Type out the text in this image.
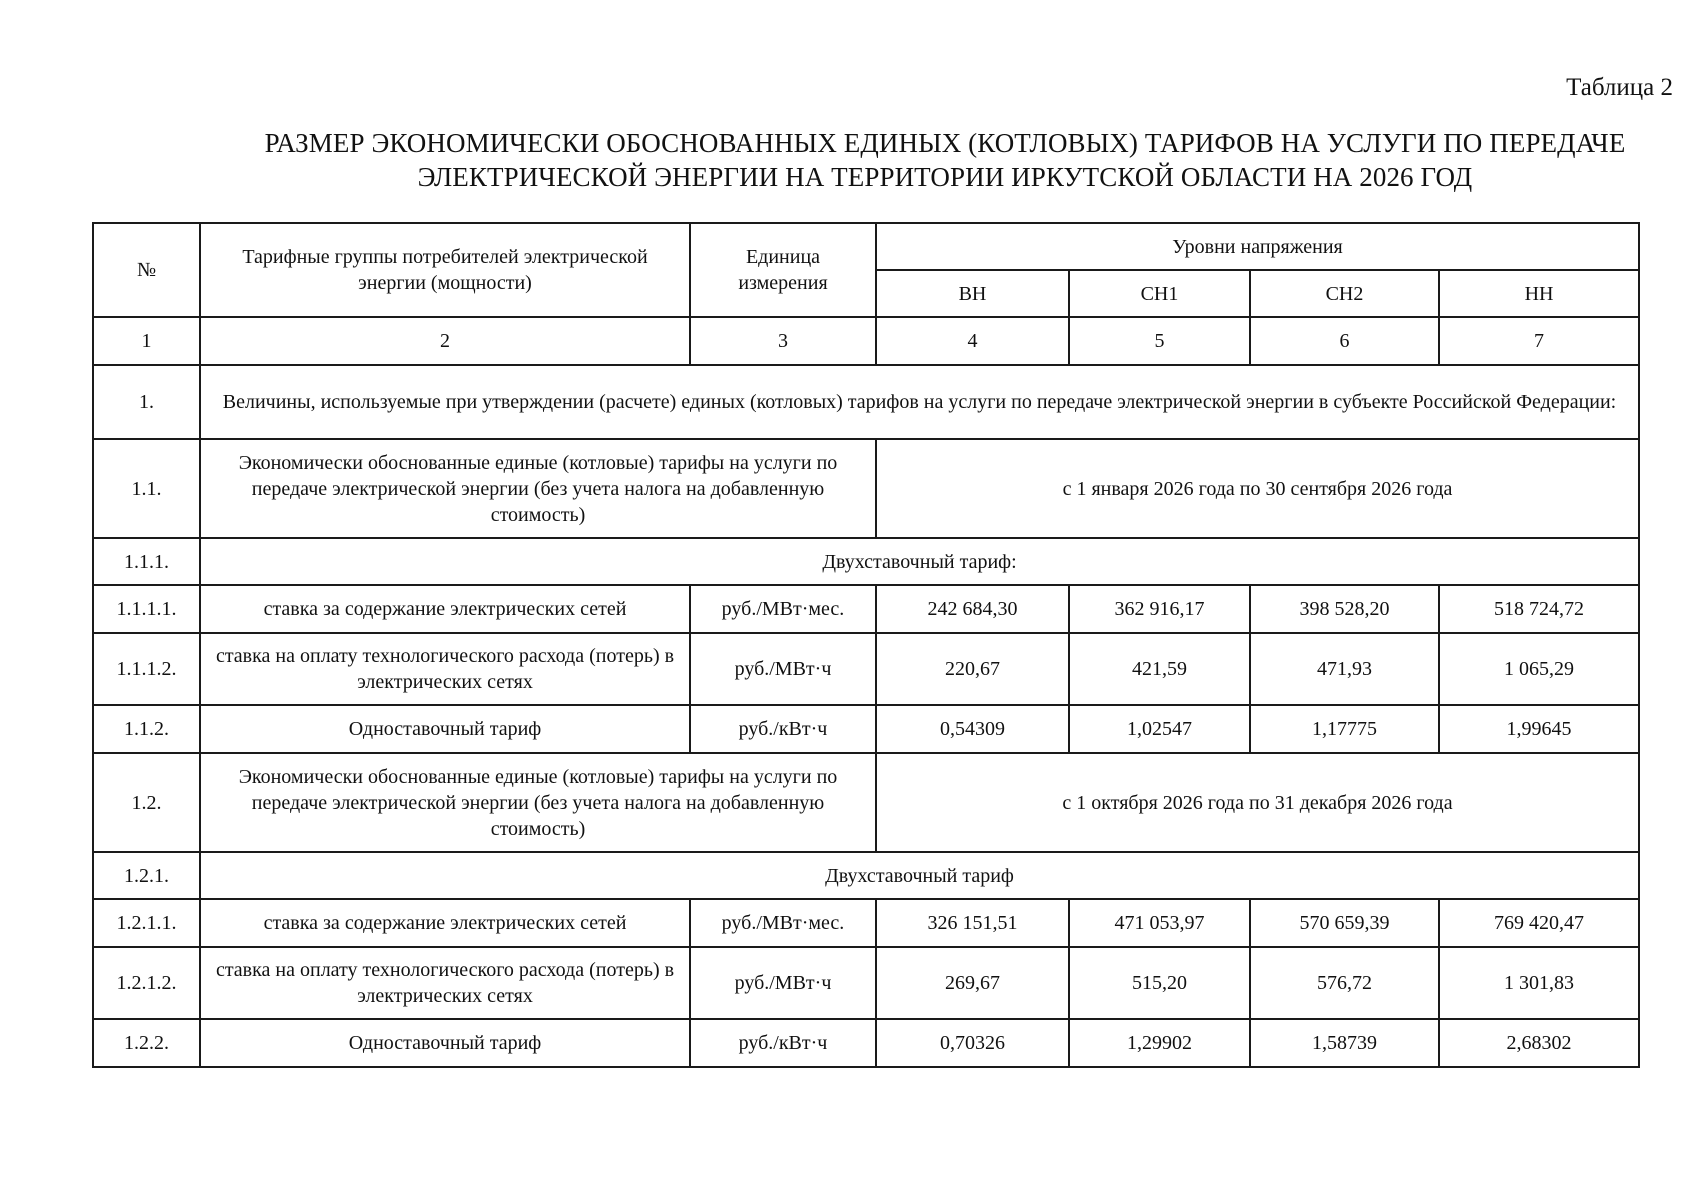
Таблица 2
РАЗМЕР ЭКОНОМИЧЕСКИ ОБОСНОВАННЫХ ЕДИНЫХ (КОТЛОВЫХ) ТАРИФОВ НА УСЛУГИ ПО ПЕРЕДАЧЕ
ЭЛЕКТРИЧЕСКОЙ ЭНЕРГИИ НА ТЕРРИТОРИИ ИРКУТСКОЙ ОБЛАСТИ НА 2026 ГОД
№	Тарифные группы потребителей электрической энергии (мощности)	Единица измерения	Уровни напряжения			
			ВН	СН1	СН2	НН
1	2	3	4	5	6	7
1.	Величины, используемые при утверждении (расчете) единых (котловых) тарифов на услуги по передаче электрической энергии в субъекте Российской Федерации:					
1.1.	Экономически обоснованные единые (котловые) тарифы на услуги по передаче электрической энергии (без учета налога на добавленную стоимость)		с 1 января 2026 года по 30 сентября 2026 года			
1.1.1.	Двухставочный тариф:					
1.1.1.1.	ставка за содержание электрических сетей	руб./МВт·мес.	242 684,30	362 916,17	398 528,20	518 724,72
1.1.1.2.	ставка на оплату технологического расхода (потерь) в электрических сетях	руб./МВт·ч	220,67	421,59	471,93	1 065,29
1.1.2.	Одноставочный тариф	руб./кВт·ч	0,54309	1,02547	1,17775	1,99645
1.2.	Экономически обоснованные единые (котловые) тарифы на услуги по передаче электрической энергии (без учета налога на добавленную стоимость)		с 1 октября 2026 года по 31 декабря 2026 года			
1.2.1.	Двухставочный тариф					
1.2.1.1.	ставка за содержание электрических сетей	руб./МВт·мес.	326 151,51	471 053,97	570 659,39	769 420,47
1.2.1.2.	ставка на оплату технологического расхода (потерь) в электрических сетях	руб./МВт·ч	269,67	515,20	576,72	1 301,83
1.2.2.	Одноставочный тариф	руб./кВт·ч	0,70326	1,29902	1,58739	2,68302
